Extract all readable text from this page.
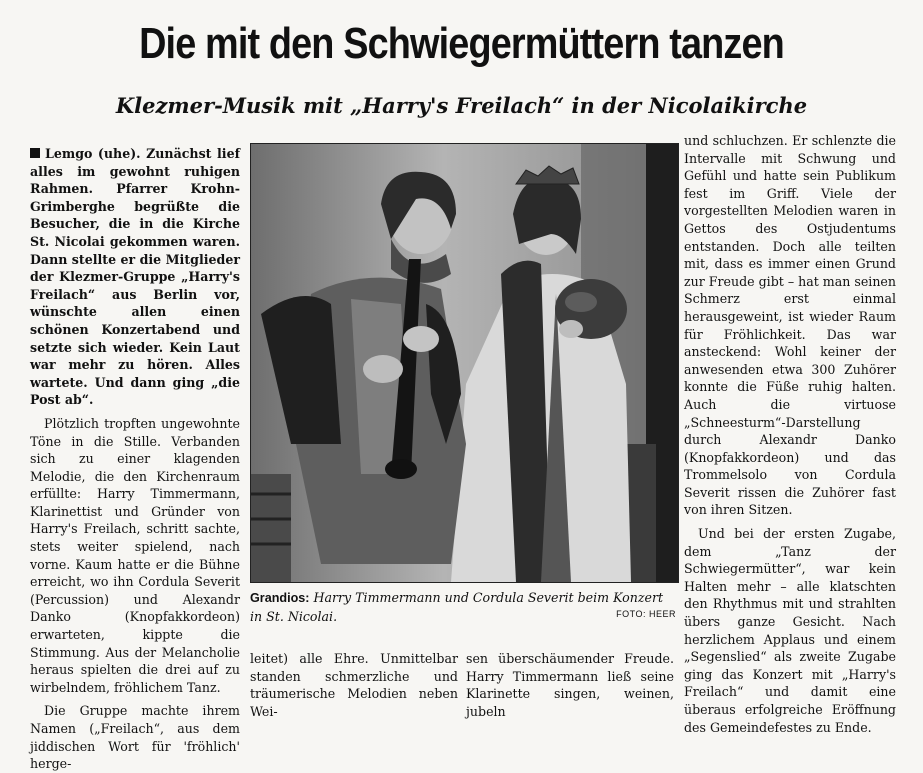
Die mit den Schwiegermüttern tanzen
Klezmer-Musik mit „Harry's Freilach“ in der Nicolaikirche

Lemgo (uhe). Zunächst lief alles im gewohnt ruhigen Rahmen. Pfarrer Krohn-Grimberghe begrüßte die Besucher, die in die Kirche St. Nicolai gekommen waren. Dann stellte er die Mitglieder der Klezmer-Gruppe „Harry's Freilach“ aus Berlin vor, wünschte allen einen schönen Konzertabend und setzte sich wieder. Kein Laut war mehr zu hören. Alles wartete. Und dann ging „die Post ab“.

Plötzlich tropften ungewohnte Töne in die Stille. Verbanden sich zu einer klagenden Melodie, die den Kirchenraum erfüllte: Harry Timmermann, Klarinettist und Gründer von Harry's Freilach, schritt sachte, stets weiter spielend, nach vorne. Kaum hatte er die Bühne erreicht, wo ihn Cordula Severit (Percussion) und Alexandr Danko (Knopfakkordeon) erwarteten, kippte die Stimmung. Aus der Melancholie heraus spielten die drei auf zu wirbelndem, fröhlichem Tanz.

Die Gruppe machte ihrem Namen („Freilach“, aus dem jiddischen Wort für 'fröhlich' herge-

Grandios: Harry Timmermann und Cordula Severit beim Konzert in St. Nicolai.	FOTO: HEER

leitet) alle Ehre. Unmittelbar standen schmerzliche und träumerische Melodien neben Wei-

sen überschäumender Freude. Harry Timmermann ließ seine Klarinette singen, weinen, jubeln

und schluchzen. Er schlenzte die Intervalle mit Schwung und Gefühl und hatte sein Publikum fest im Griff. Viele der vorgestellten Melodien waren in Gettos des Ostjudentums entstanden. Doch alle teilten mit, dass es immer einen Grund zur Freude gibt – hat man seinen Schmerz erst einmal herausgeweint, ist wieder Raum für Fröhlichkeit. Das war ansteckend: Wohl keiner der anwesenden etwa 300 Zuhörer konnte die Füße ruhig halten. Auch die virtuose „Schneesturm“-Darstellung durch Alexandr Danko (Knopfakkordeon) und das Trommelsolo von Cordula Severit rissen die Zuhörer fast von ihren Sitzen.

Und bei der ersten Zugabe, dem „Tanz der Schwiegermütter“, war kein Halten mehr – alle klatschten den Rhythmus mit und strahlten übers ganze Gesicht. Nach herzlichem Applaus und einem „Segenslied“ als zweite Zugabe ging das Konzert mit „Harry's Freilach“ und damit eine überaus erfolgreiche Eröffnung des Gemeindefestes zu Ende.
